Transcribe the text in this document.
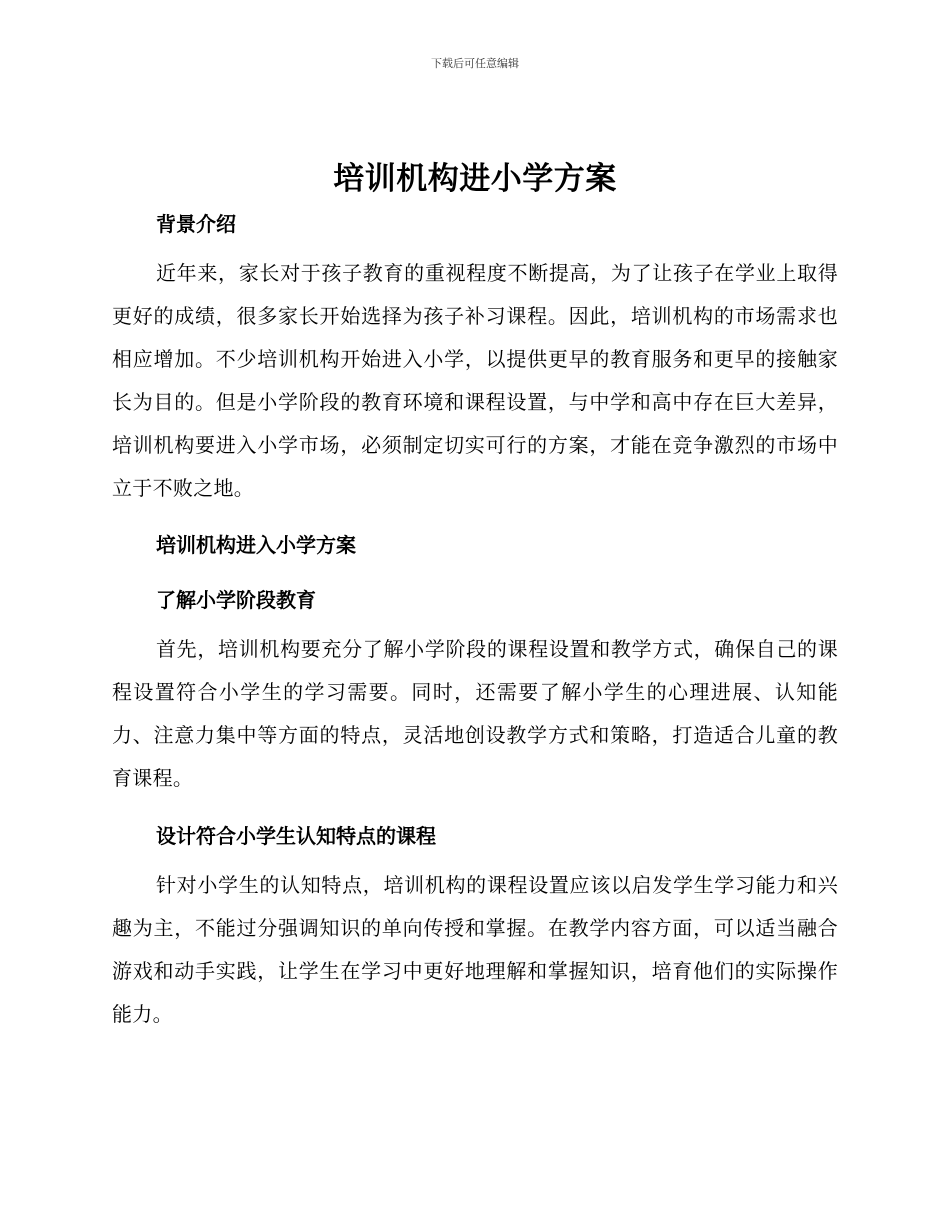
下载后可任意编辑
培训机构进小学方案
背景介绍

近年来，家长对于孩子教育的重视程度不断提高，为了让孩子在学业上取得更好的成绩，很多家长开始选择为孩子补习课程。因此，培训机构的市场需求也相应增加。不少培训机构开始进入小学，以提供更早的教育服务和更早的接触家长为目的。但是小学阶段的教育环境和课程设置，与中学和高中存在巨大差异，培训机构要进入小学市场，必须制定切实可行的方案，才能在竞争激烈的市场中立于不败之地。

培训机构进入小学方案
了解小学阶段教育

首先，培训机构要充分了解小学阶段的课程设置和教学方式，确保自己的课程设置符合小学生的学习需要。同时，还需要了解小学生的心理进展、认知能力、注意力集中等方面的特点，灵活地创设教学方式和策略，打造适合儿童的教育课程。

设计符合小学生认知特点的课程

针对小学生的认知特点，培训机构的课程设置应该以启发学生学习能力和兴趣为主，不能过分强调知识的单向传授和掌握。在教学内容方面，可以适当融合游戏和动手实践，让学生在学习中更好地理解和掌握知识，培育他们的实际操作能力。
